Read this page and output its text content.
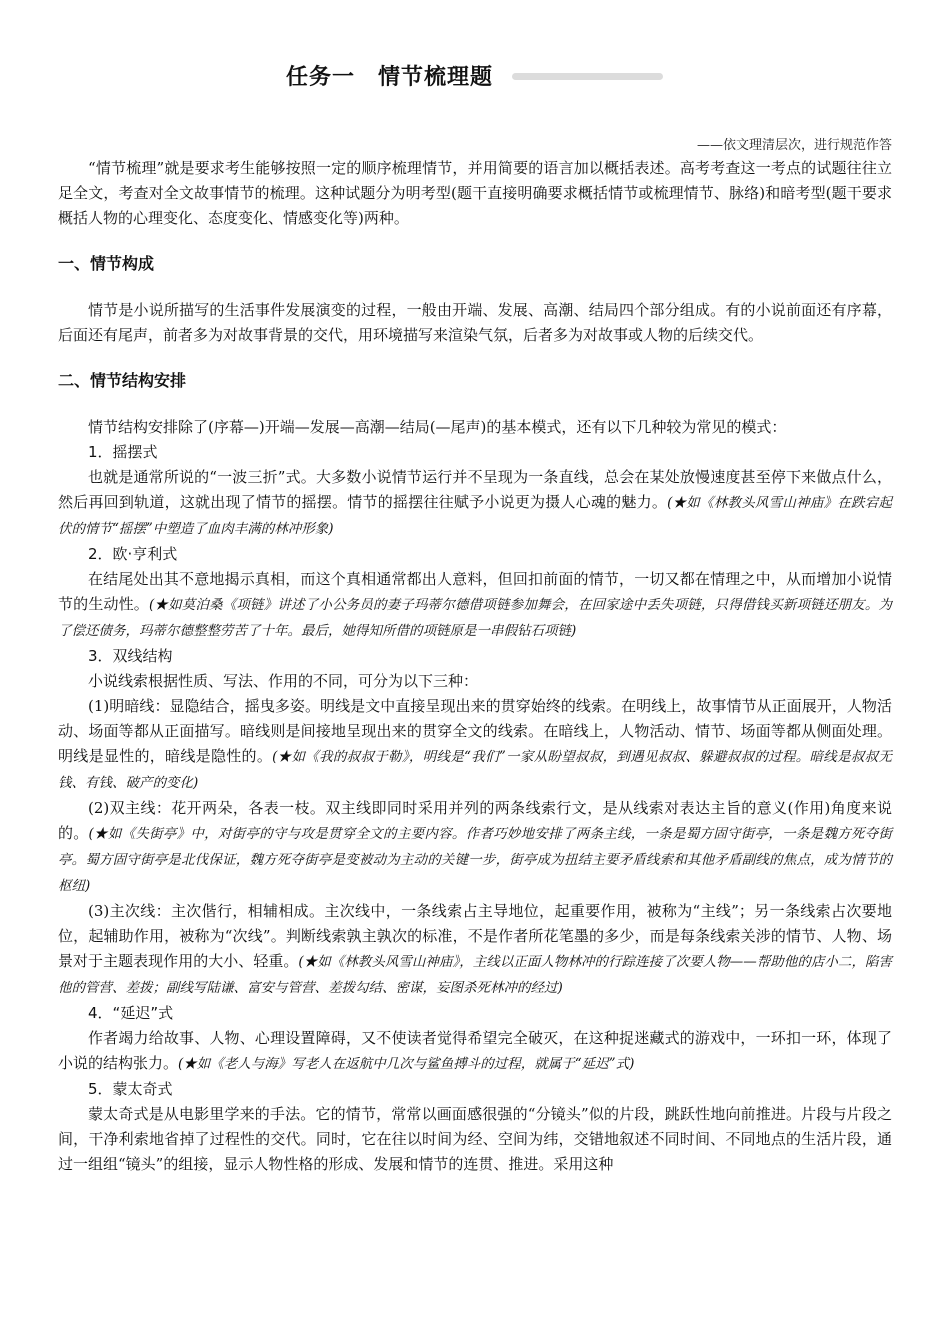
任务一　情节梳理题
——依文理清层次，进行规范作答

“情节梳理”就是要求考生能够按照一定的顺序梳理情节，并用简要的语言加以概括表述。高考考查这一考点的试题往往立足全文，考查对全文故事情节的梳理。这种试题分为明考型(题干直接明确要求概括情节或梳理情节、脉络)和暗考型(题干要求概括人物的心理变化、态度变化、情感变化等)两种。

一、情节构成

情节是小说所描写的生活事件发展演变的过程，一般由开端、发展、高潮、结局四个部分组成。有的小说前面还有序幕，后面还有尾声，前者多为对故事背景的交代，用环境描写来渲染气氛，后者多为对故事或人物的后续交代。

二、情节结构安排

情节结构安排除了(序幕—)开端—发展—高潮—结局(—尾声)的基本模式，还有以下几种较为常见的模式：

1．摇摆式

也就是通常所说的“一波三折”式。大多数小说情节运行并不呈现为一条直线，总会在某处放慢速度甚至停下来做点什么，然后再回到轨道，这就出现了情节的摇摆。情节的摇摆往往赋予小说更为摄人心魂的魅力。(★如《林教头风雪山神庙》在跌宕起伏的情节“摇摆”中塑造了血肉丰满的林冲形象)

2．欧·亨利式

在结尾处出其不意地揭示真相，而这个真相通常都出人意料，但回扣前面的情节，一切又都在情理之中，从而增加小说情节的生动性。(★如莫泊桑《项链》讲述了小公务员的妻子玛蒂尔德借项链参加舞会，在回家途中丢失项链，只得借钱买新项链还朋友。为了偿还债务，玛蒂尔德整整劳苦了十年。最后，她得知所借的项链原是一串假钻石项链)

3．双线结构

小说线索根据性质、写法、作用的不同，可分为以下三种：

(1)明暗线：显隐结合，摇曳多姿。明线是文中直接呈现出来的贯穿始终的线索。在明线上，故事情节从正面展开，人物活动、场面等都从正面描写。暗线则是间接地呈现出来的贯穿全文的线索。在暗线上，人物活动、情节、场面等都从侧面处理。明线是显性的，暗线是隐性的。(★如《我的叔叔于勒》，明线是“我们”一家从盼望叔叔，到遇见叔叔、躲避叔叔的过程。暗线是叔叔无钱、有钱、破产的变化)

(2)双主线：花开两朵，各表一枝。双主线即同时采用并列的两条线索行文，是从线索对表达主旨的意义(作用)角度来说的。(★如《失街亭》中，对街亭的守与攻是贯穿全文的主要内容。作者巧妙地安排了两条主线，一条是蜀方固守街亭，一条是魏方死夺街亭。蜀方固守街亭是北伐保证，魏方死夺街亭是变被动为主动的关键一步，街亭成为扭结主要矛盾线索和其他矛盾副线的焦点，成为情节的枢纽)

(3)主次线：主次偕行，相辅相成。主次线中，一条线索占主导地位，起重要作用，被称为“主线”；另一条线索占次要地位，起辅助作用，被称为“次线”。判断线索孰主孰次的标准，不是作者所花笔墨的多少，而是每条线索关涉的情节、人物、场景对于主题表现作用的大小、轻重。(★如《林教头风雪山神庙》，主线以正面人物林冲的行踪连接了次要人物——帮助他的店小二，陷害他的管营、差拨；副线写陆谦、富安与管营、差拨勾结、密谋，妄图杀死林冲的经过)

4．“延迟”式

作者竭力给故事、人物、心理设置障碍，又不使读者觉得希望完全破灭，在这种捉迷藏式的游戏中，一环扣一环，体现了小说的结构张力。(★如《老人与海》写老人在返航中几次与鲨鱼搏斗的过程，就属于“延迟”式)

5．蒙太奇式

蒙太奇式是从电影里学来的手法。它的情节，常常以画面感很强的“分镜头”似的片段，跳跃性地向前推进。片段与片段之间，干净利索地省掉了过程性的交代。同时，它在往以时间为经、空间为纬，交错地叙述不同时间、不同地点的生活片段，通过一组组“镜头”的组接，显示人物性格的形成、发展和情节的连贯、推进。采用这种
